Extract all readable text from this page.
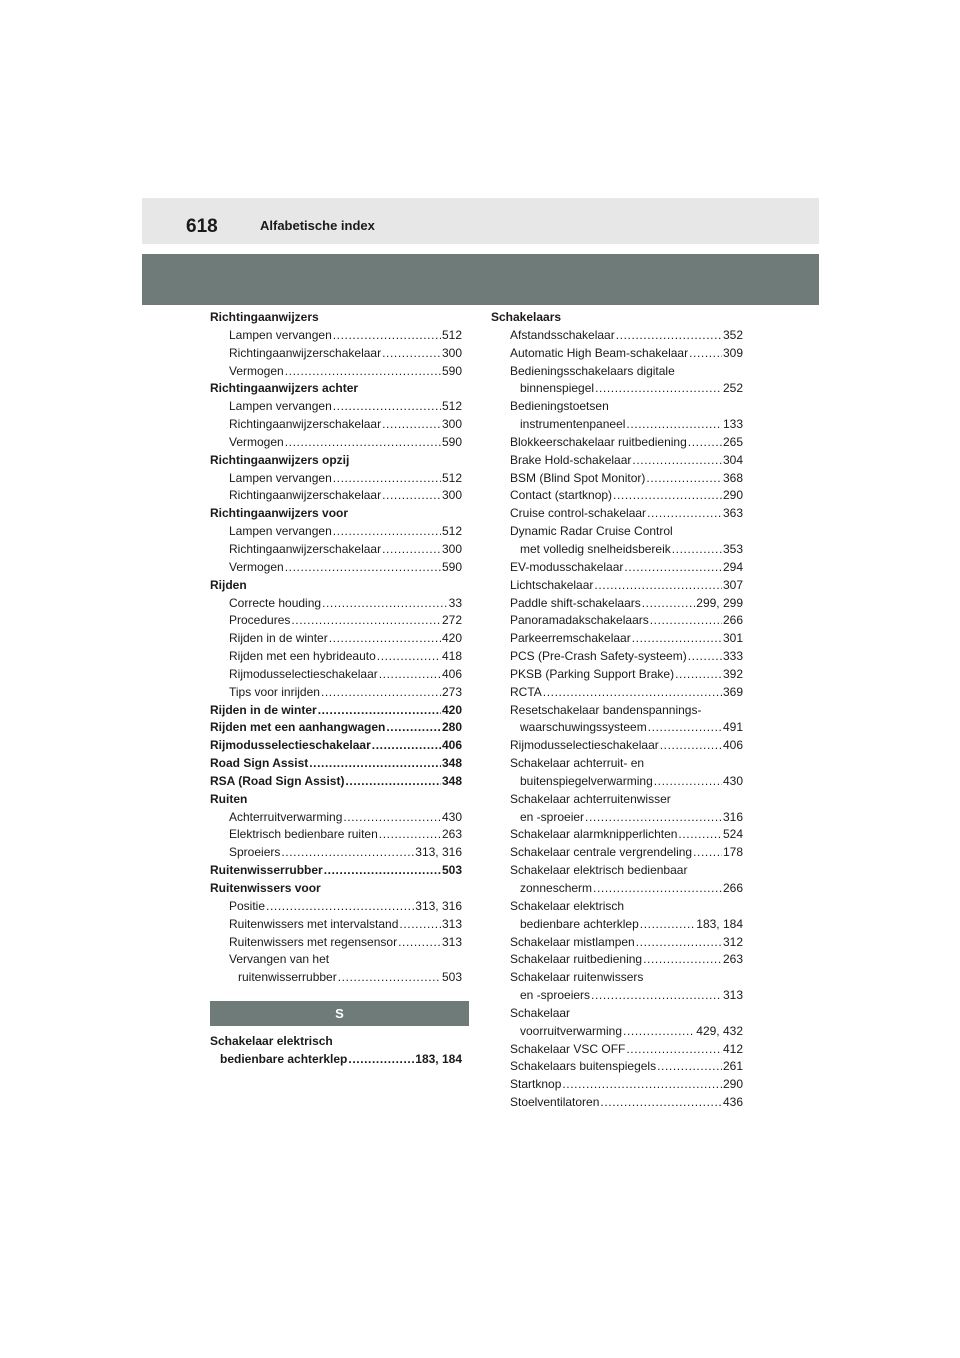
618	Alfabetische index
Richtingaanwijzers
Lampen vervangen .....	512
Richtingaanwijzerschakelaar .....	300
Vermogen .....	590
Richtingaanwijzers achter
Lampen vervangen .....	512
Richtingaanwijzerschakelaar .....	300
Vermogen .....	590
Richtingaanwijzers opzij
Lampen vervangen .....	512
Richtingaanwijzerschakelaar .....	300
Richtingaanwijzers voor
Lampen vervangen .....	512
Richtingaanwijzerschakelaar .....	300
Vermogen .....	590
Rijden
Correcte houding .....	33
Procedures .....	272
Rijden in de winter .....	420
Rijden met een hybrideauto .....	418
Rijmodusselectieschakelaar .....	406
Tips voor inrijden .....	273
Rijden in de winter .....	420
Rijden met een aanhangwagen .....	280
Rijmodusselectieschakelaar .....	406
Road Sign Assist .....	348
RSA (Road Sign Assist) .....	348
Ruiten
Achterruitverwarming .....	430
Elektrisch bedienbare ruiten .....	263
Sproeiers .....	313, 316
Ruitenwisserrubber .....	503
Ruitenwissers voor
Positie .....	313, 316
Ruitenwissers met intervalstand .....	313
Ruitenwissers met regensensor .....	313
Vervangen van het
ruitenwisserrubber .....	503
S
Schakelaar elektrisch
bedienbare achterklep .....	183, 184
Schakelaars
Afstandsschakelaar .....	352
Automatic High Beam-schakelaar .....	309
Bedieningsschakelaars digitale
binnenspiegel .....	252
Bedieningstoetsen
instrumentenpaneel .....	133
Blokkeerschakelaar ruitbediening .....	265
Brake Hold-schakelaar .....	304
BSM (Blind Spot Monitor) .....	368
Contact (startknop) .....	290
Cruise control-schakelaar .....	363
Dynamic Radar Cruise Control
met volledig snelheidsbereik .....	353
EV-modusschakelaar .....	294
Lichtschakelaar .....	307
Paddle shift-schakelaars .....	299, 299
Panoramadakschakelaars .....	266
Parkeerremschakelaar .....	301
PCS (Pre-Crash Safety-systeem) .....	333
PKSB (Parking Support Brake) .....	392
RCTA .....	369
Resetschakelaar bandenspannings-
waarschuwingssysteem .....	491
Rijmodusselectieschakelaar .....	406
Schakelaar achterruit- en
buitenspiegelverwarming .....	430
Schakelaar achterruitenwisser
en -sproeier .....	316
Schakelaar alarmknipperlichten .....	524
Schakelaar centrale vergrendeling .....	178
Schakelaar elektrisch bedienbaar
zonnescherm .....	266
Schakelaar elektrisch
bedienbare achterklep .....	183, 184
Schakelaar mistlampen .....	312
Schakelaar ruitbediening .....	263
Schakelaar ruitenwissers
en -sproeiers .....	313
Schakelaar
voorruitverwarming .....	429, 432
Schakelaar VSC OFF .....	412
Schakelaars buitenspiegels .....	261
Startknop .....	290
Stoelventilatoren .....	436
